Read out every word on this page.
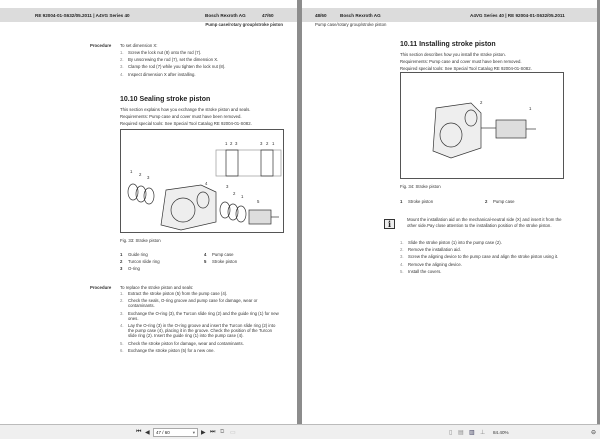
RE 92004-01-S632/05.2011 | A4VG Series 40	Bosch Rexroth AG	47/60
Pump case/rotary group/stroke piston
Procedure To set dimension X:
1. Screw the lock nut (8) onto the rod (7).
2. By unscrewing the rod (7), set the dimension X.
3. Clamp the rod (7) while you tighten the lock nut (8).
4. Inspect dimension X after installing.
10.10 Sealing stroke piston
This section explains how you exchange the stroke piston and seals.
Requirements: Pump case and cover must have been removed.
Required special tools: See Special Tool Catalog RE 92004-01-S082.
1 2 3	3 2 1
1
2
3
4
3
2
1
5
Fig. 33: Stroke piston
1 Guide ring
2 Turcon slide ring
3 O-ring
4 Pump case
5 Stroke piston
Procedure To replace the stroke piston and seals:
1. Extract the stroke piston (5) from the pump case (4).
2. Check the seals, O-ring groove and pump case for damage, wear or contaminants.
3. Exchange the O-ring (3), the Turcon slide ring (2) and the guide ring (1) for new ones.
4. Lay the O-ring (3) in the O-ring groove and insert the Turcon slide ring (2) into the pump case (4), placing it in the groove. Check the position of the Turcon slide ring (2). Insert the guide ring (1) into the pump case (4).
5. Check the stroke piston for damage, wear and contaminants.
6. Exchange the stroke piston (5) for a new one.
48/60	Bosch Rexroth AG	A4VG Series 40 | RE 92004-01-S632/05.2011
Pump case/rotary group/stroke piston
10.11 Installing stroke piston
This section describes how you install the stroke piston.
Requirements: Pump case and cover must have been removed.
Required special tools: See Special Tool Catalog RE 92004-01-S082.
2
1
Fig. 34: Stroke piston
1 Stroke piston	2 Pump case
i	Mount the installation aid on the mechanical-neutral side (X) and insert it from the other side.Pay close attention to the installation position of the stroke piston.
1. Slide the stroke piston (1) into the pump case (2).
2. Remove the installation aid.
3. Screw the aligning device to the pump case and align the stroke piston using it.
4. Remove the aligning device.
5. Install the covers.
⏮ ◀	47 / 60	▾ ▶ ⏭ ⧉ ▭	▯ ▤ ▥ ⊥ 84.40%	⊖
